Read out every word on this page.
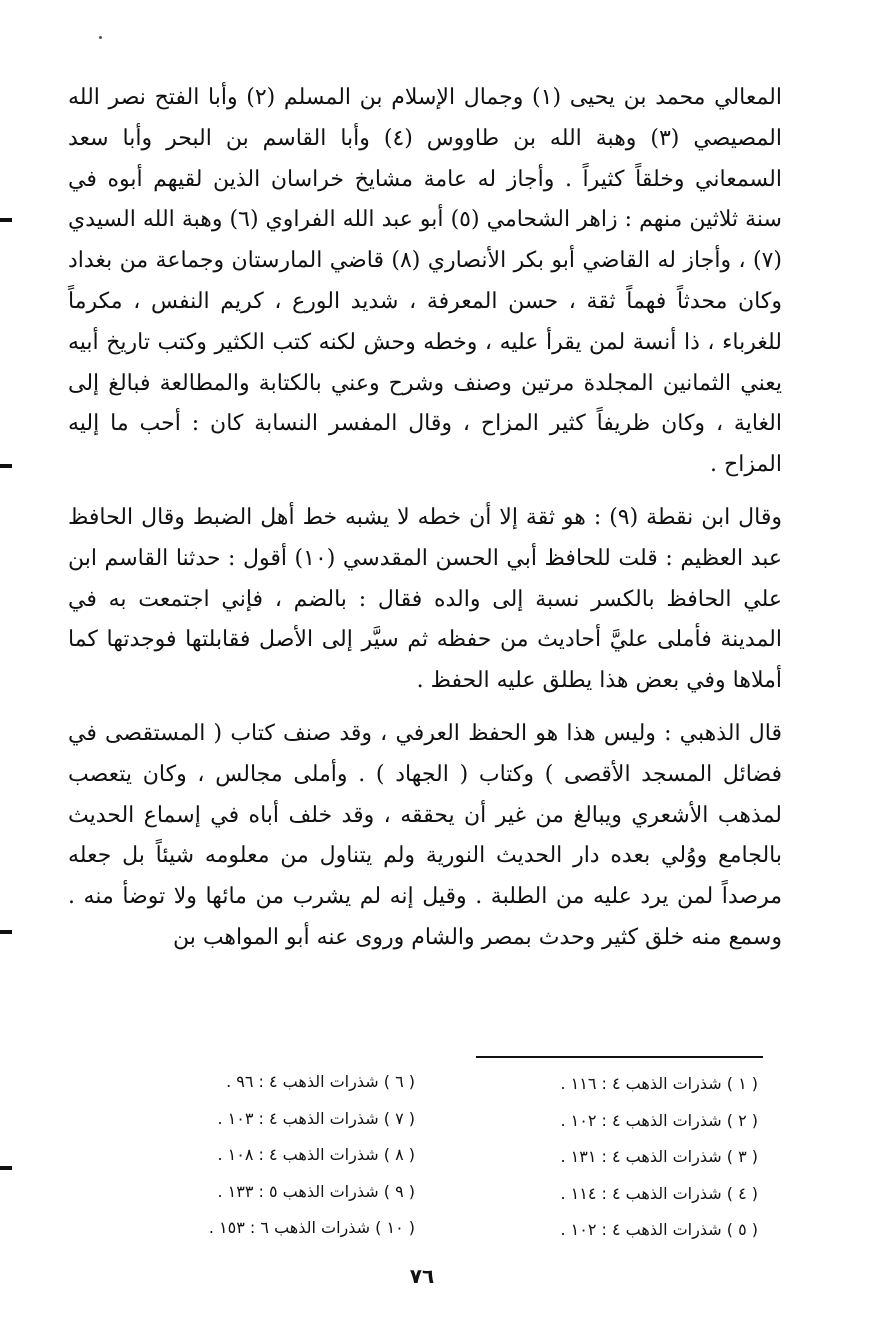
المعالي محمد بن يحيى (١) وجمال الإسلام بن المسلم (٢) وأبا الفتح نصر الله المصيصي (٣) وهبة الله بن طاووس (٤) وأبا القاسم بن البحر وأبا سعد السمعاني وخلقاً كثيراً . وأجاز له عامة مشايخ خراسان الذين لقيهم أبوه في سنة ثلاثين منهم : زاهر الشحامي (٥) أبو عبد الله الفراوي (٦) وهبة الله السيدي (٧) ، وأجاز له القاضي أبو بكر الأنصاري (٨) قاضي المارستان وجماعة من بغداد وكان محدثاً فهماً ثقة ، حسن المعرفة ، شديد الورع ، كريم النفس ، مكرماً للغرباء ، ذا أنسة لمن يقرأ عليه ، وخطه وحش لكنه كتب الكثير وكتب تاريخ أبيه يعني الثمانين المجلدة مرتين وصنف وشرح وعني بالكتابة والمطالعة فبالغ إلى الغاية ، وكان ظريفاً كثير المزاح ، وقال المفسر النسابة كان : أحب ما إليه المزاح .

وقال ابن نقطة (٩) : هو ثقة إلا أن خطه لا يشبه خط أهل الضبط وقال الحافظ عبد العظيم : قلت للحافظ أبي الحسن المقدسي (١٠) أقول : حدثنا القاسم ابن علي الحافظ بالكسر نسبة إلى والده فقال : بالضم ، فإني اجتمعت به في المدينة فأملى عليَّ أحاديث من حفظه ثم سيَّر إلى الأصل فقابلتها فوجدتها كما أملاها وفي بعض هذا يطلق عليه الحفظ .

قال الذهبي : وليس هذا هو الحفظ العرفي ، وقد صنف كتاب ( المستقصى في فضائل المسجد الأقصى ) وكتاب ( الجهاد ) . وأملى مجالس ، وكان يتعصب لمذهب الأشعري ويبالغ من غير أن يحققه ، وقد خلف أباه في إسماع الحديث بالجامع ووُلي بعده دار الحديث النورية ولم يتناول من معلومه شيئاً بل جعله مرصداً لمن يرد عليه من الطلبة . وقيل إنه لم يشرب من مائها ولا توضأ منه . وسمع منه خلق كثير وحدث بمصر والشام وروى عنه أبو المواهب بن

( ١ ) شذرات الذهب ٤ : ١١٦ .
( ٢ ) شذرات الذهب ٤ : ١٠٢ .
( ٣ ) شذرات الذهب ٤ : ١٣١ .
( ٤ ) شذرات الذهب ٤ : ١١٤ .
( ٥ ) شذرات الذهب ٤ : ١٠٢ .
( ٦ ) شذرات الذهب ٤ : ٩٦ .
( ٧ ) شذرات الذهب ٤ : ١٠٣ .
( ٨ ) شذرات الذهب ٤ : ١٠٨ .
( ٩ ) شذرات الذهب ٥ : ١٣٣ .
( ١٠ ) شذرات الذهب ٦ : ١٥٣ .
٧٦
